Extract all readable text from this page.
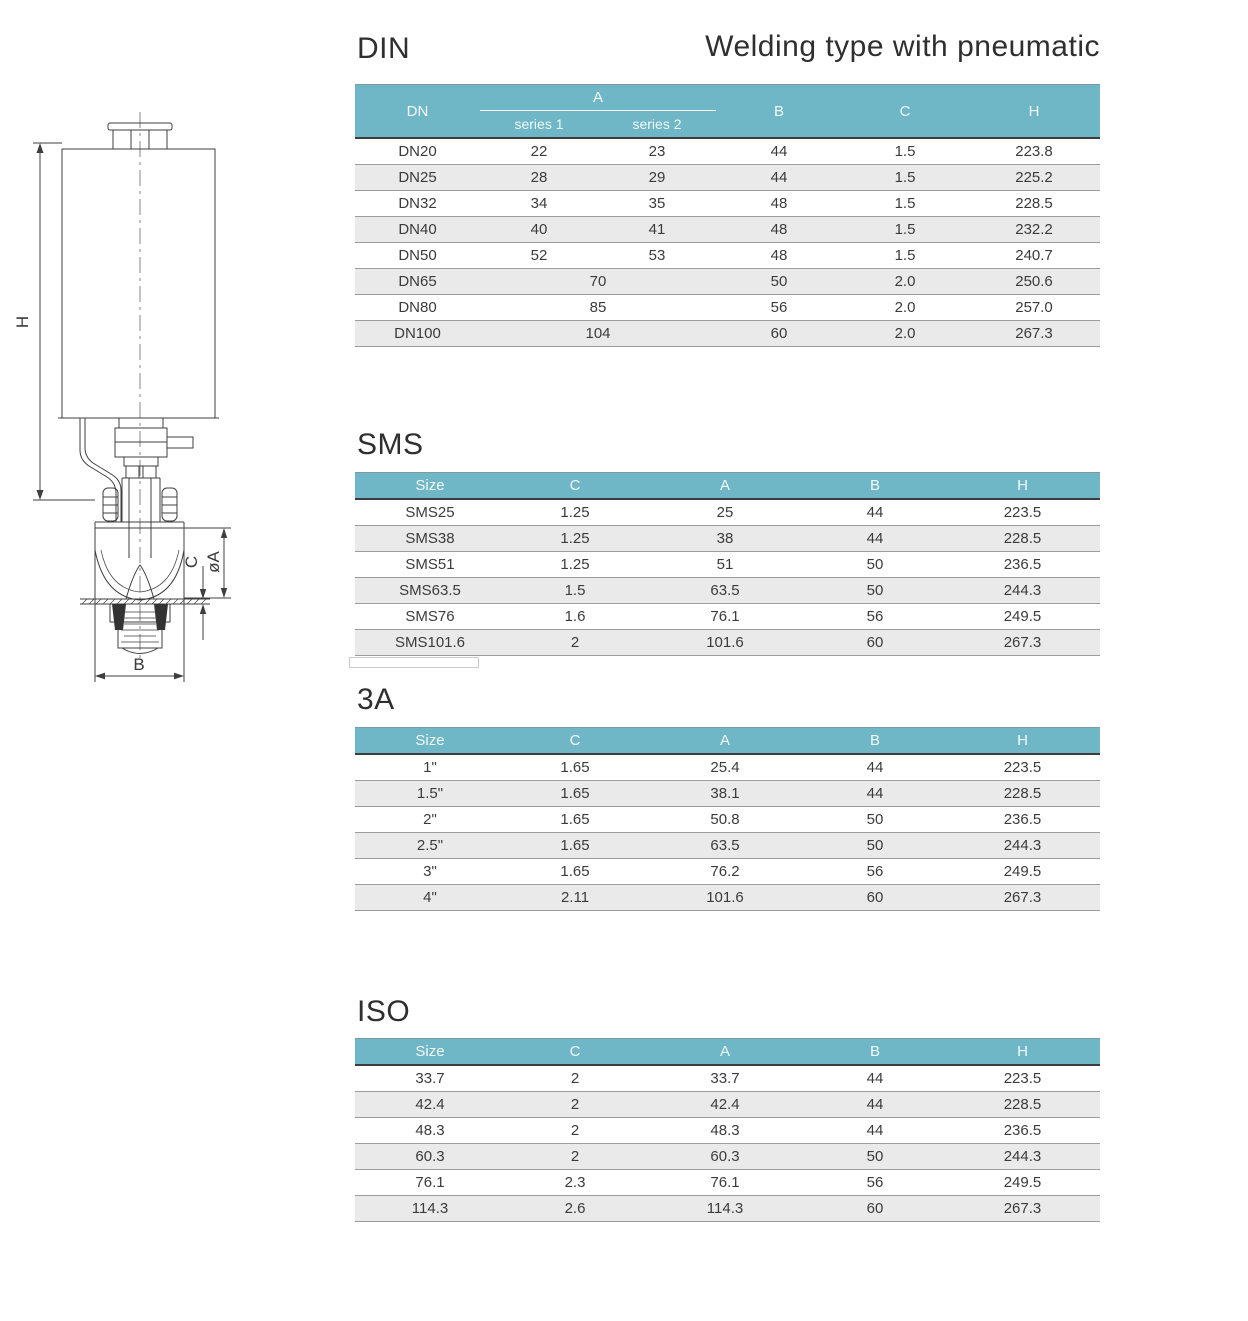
H
C øA
B
DIN	Welding type with pneumatic
SMS
3A
ISO
DN	A		B	C	H
	series 1	series 2			
DN20	22	23	44	1.5	223.8
DN25	28	29	44	1.5	225.2
DN32	34	35	48	1.5	228.5
DN40	40	41	48	1.5	232.2
DN50	52	53	48	1.5	240.7
DN65	70		50	2.0	250.6
DN80	85		56	2.0	257.0
DN100	104		60	2.0	267.3
Size	C	A	B	H
SMS25	1.25	25	44	223.5
SMS38	1.25	38	44	228.5
SMS51	1.25	51	50	236.5
SMS63.5	1.5	63.5	50	244.3
SMS76	1.6	76.1	56	249.5
SMS101.6	2	101.6	60	267.3
Size	C	A	B	H
1"	1.65	25.4	44	223.5
1.5"	1.65	38.1	44	228.5
2"	1.65	50.8	50	236.5
2.5"	1.65	63.5	50	244.3
3"	1.65	76.2	56	249.5
4"	2.11	101.6	60	267.3
Size	C	A	B	H
33.7	2	33.7	44	223.5
42.4	2	42.4	44	228.5
48.3	2	48.3	44	236.5
60.3	2	60.3	50	244.3
76.1	2.3	76.1	56	249.5
114.3	2.6	114.3	60	267.3
